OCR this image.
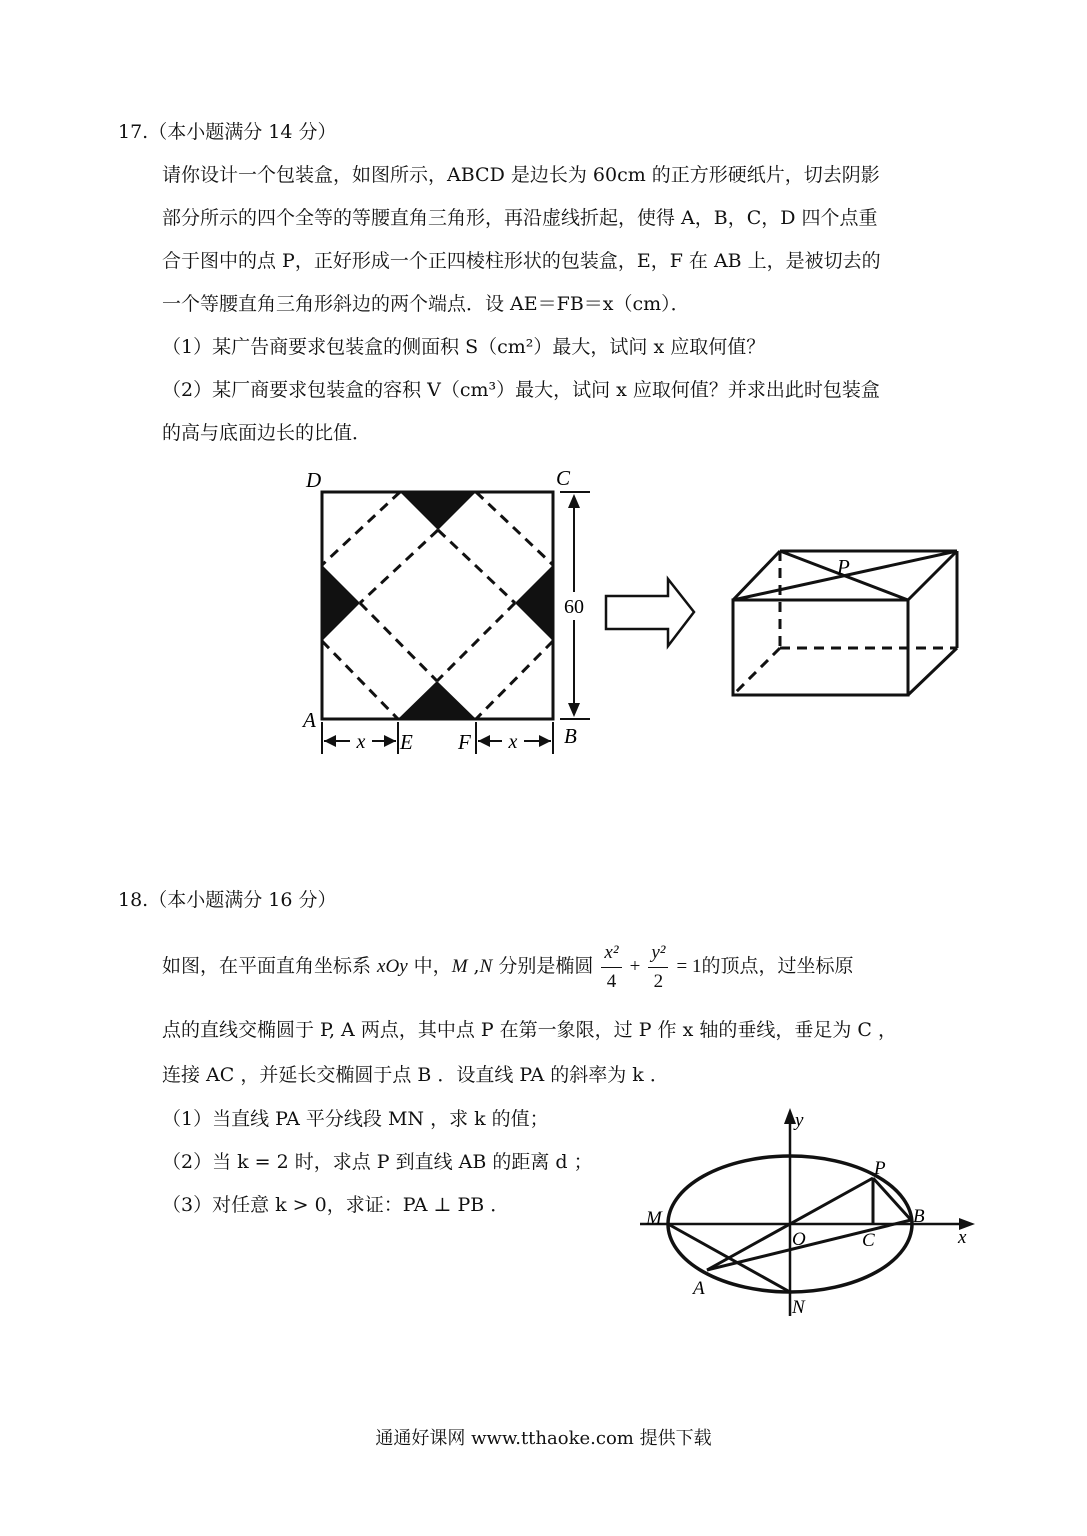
17.（本小题满分 14 分）
请你设计一个包装盒，如图所示，ABCD 是边长为 60cm 的正方形硬纸片，切去阴影
部分所示的四个全等的等腰直角三角形，再沿虚线折起，使得 A，B，C，D 四个点重
合于图中的点 P，正好形成一个正四棱柱形状的包装盒，E，F 在 AB 上，是被切去的
一个等腰直角三角形斜边的两个端点．设 AE＝FB＝x（cm）．
（1）某广告商要求包装盒的侧面积 S（cm²）最大，试问 x 应取何值？
（2）某厂商要求包装盒的容积 V（cm³）最大，试问 x 应取何值？并求出此时包装盒
的高与底面边长的比值．
60
x	x
D	C
A
B
E F
P
18.（本小题满分 16 分）
如图，在平面直角坐标系 xOy 中，M ,N 分别是椭圆 $\frac{\text{x²}}{4} + \frac{\text{y²}}{2} = 1$的顶点，过坐标原
点的直线交椭圆于 P, A 两点，其中点 P 在第一象限，过 P 作 x 轴的垂线，垂足为 C ，
连接 AC ，并延长交椭圆于点 B ．设直线 PA 的斜率为 k ．
（1）当直线 PA 平分线段 MN ，求 k 的值；
（2）当 k = 2 时，求点 P 到直线 AB 的距离 d ；
（3）对任意 k > 0，求证：PA ⊥ PB ．
y
x
P
M	B
O	C
A
N
通通好课网 www.tthaoke.com 提供下载
